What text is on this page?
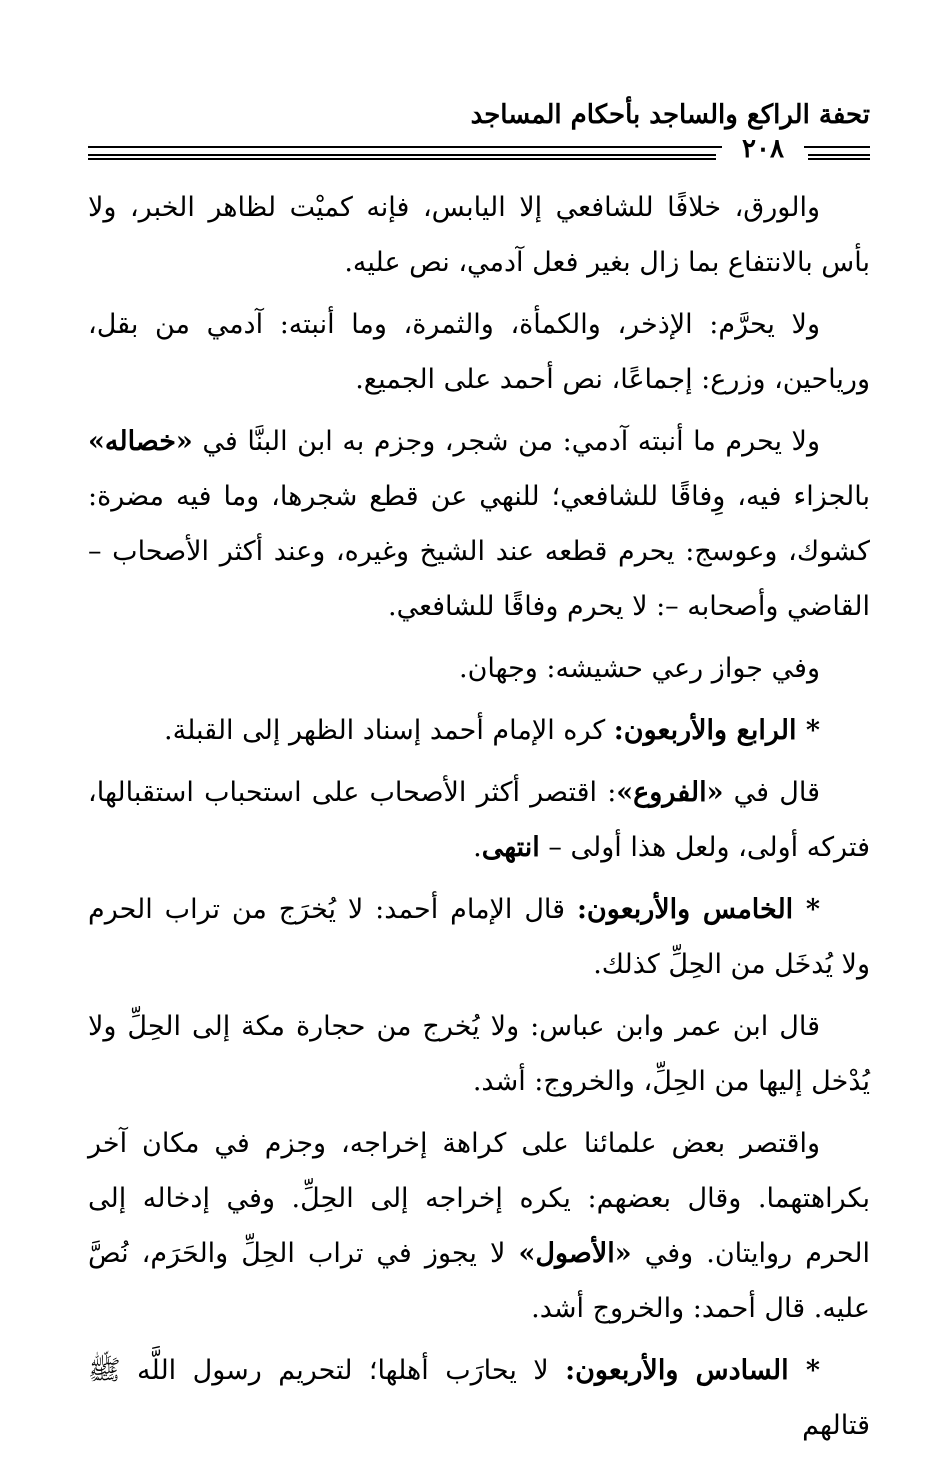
تحفة الراكع والساجد بأحكام المساجد
٢٠٨

والورق، خلافًا للشافعي إلا اليابس، فإنه كميْت لظاهر الخبر، ولا بأس بالانتفاع بما زال بغير فعل آدمي، نص عليه.

ولا يحرَّم: الإذخر، والكمأة، والثمرة، وما أنبته: آدمي من بقل، ورياحين، وزرع: إجماعًا، نص أحمد على الجميع.

ولا يحرم ما أنبته آدمي: من شجر، وجزم به ابن البنَّا في «خصاله» بالجزاء فيه، وِفاقًا للشافعي؛ للنهي عن قطع شجرها، وما فيه مضرة: كشوك، وعوسج: يحرم قطعه عند الشيخ وغيره، وعند أكثر الأصحاب – القاضي وأصحابه –: لا يحرم وفاقًا للشافعي.

وفي جواز رعي حشيشه: وجهان.

* الرابع والأربعون: كره الإمام أحمد إسناد الظهر إلى القبلة.

قال في «الفروع»: اقتصر أكثر الأصحاب على استحباب استقبالها، فتركه أولى، ولعل هذا أولى – انتهى.

* الخامس والأربعون: قال الإمام أحمد: لا يُخرَج من تراب الحرم ولا يُدخَل من الحِلِّ كذلك.

قال ابن عمر وابن عباس: ولا يُخرج من حجارة مكة إلى الحِلِّ ولا يُدْخل إليها من الحِلِّ، والخروج: أشد.

واقتصر بعض علمائنا على كراهة إخراجه، وجزم في مكان آخر بكراهتهما. وقال بعضهم: يكره إخراجه إلى الحِلِّ. وفي إدخاله إلى الحرم روايتان. وفي «الأصول» لا يجوز في تراب الحِلِّ والحَرَم، نُصَّ عليه. قال أحمد: والخروج أشد.

* السادس والأربعون: لا يحارَب أهلها؛ لتحريم رسول اللَّه ﷺ قتالهم
